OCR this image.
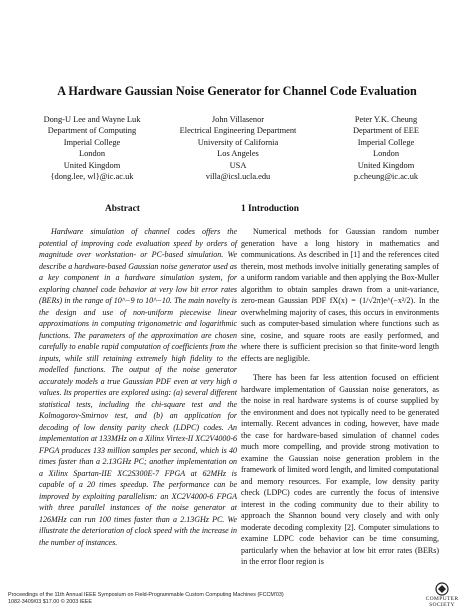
A Hardware Gaussian Noise Generator for Channel Code Evaluation
Dong-U Lee and Wayne Luk
Department of Computing
Imperial College
London
United Kingdom
{dong.lee, wl}@ic.ac.uk
John Villasenor
Electrical Engineering Department
University of California
Los Angeles
USA
villa@icsl.ucla.edu
Peter Y.K. Cheung
Department of EEE
Imperial College
London
United Kingdom
p.cheung@ic.ac.uk
Abstract	1 Introduction

Hardware simulation of channel codes offers the potential of improving code evaluation speed by orders of magnitude over workstation- or PC-based simulation. We describe a hardware-based Gaussian noise generator used as a key component in a hardware simulation system, for exploring channel code behavior at very low bit error rates (BERs) in the range of 10^−9 to 10^−10. The main novelty is the design and use of non-uniform piecewise linear approximations in computing trigonometric and logarithmic functions. The parameters of the approximation are chosen carefully to enable rapid computation of coefficients from the inputs, while still retaining extremely high fidelity to the modelled functions. The output of the noise generator accurately models a true Gaussian PDF even at very high σ values. Its properties are explored using: (a) several different statistical tests, including the chi-square test and the Kolmogorov-Smirnov test, and (b) an application for decoding of low density parity check (LDPC) codes. An implementation at 133MHz on a Xilinx Virtex-II XC2V4000-6 FPGA produces 133 million samples per second, which is 40 times faster than a 2.13GHz PC; another implementation on a Xilinx Spartan-IIE XC2S300E-7 FPGA at 62MHz is capable of a 20 times speedup. The performance can be improved by exploiting parallelism: an XC2V4000-6 FPGA with three parallel instances of the noise generator at 126MHz can run 100 times faster than a 2.13GHz PC. We illustrate the deterioration of clock speed with the increase in the number of instances.

Numerical methods for Gaussian random number generation have a long history in mathematics and communications. As described in [1] and the references cited therein, most methods involve initially generating samples of a uniform random variable and then applying the Box-Muller algorithm to obtain samples drawn from a unit-variance, zero-mean Gaussian PDF fX(x) = (1/√2π)e^(−x²/2). In the overwhelming majority of cases, this occurs in environments such as computer-based simulation where functions such as sine, cosine, and square roots are easily performed, and where there is sufficient precision so that finite-word length effects are negligible.

There has been far less attention focused on efficient hardware implementation of Gaussian noise generators, as the noise in real hardware systems is of course supplied by the environment and does not typically need to be generated internally. Recent advances in coding, however, have made the case for hardware-based simulation of channel codes much more compelling, and provide strong motivation to examine the Gaussian noise generation problem in the framework of limited word length, and limited computational and memory resources. For example, low density parity check (LDPC) codes are currently the focus of intensive interest in the coding community due to their ability to approach the Shannon bound very closely and with only moderate decoding complexity [2]. Computer simulations to examine LDPC code behavior can be time consuming, particularly when the behavior at low bit error rates (BERs) in the error floor region is

Proceedings of the 11th Annual IEEE Symposium on Field-Programmable Custom Computing Machines (FCCM'03)
1082-3409/03 $17.00 © 2003 IEEE	COMPUTER
SOCIETY
